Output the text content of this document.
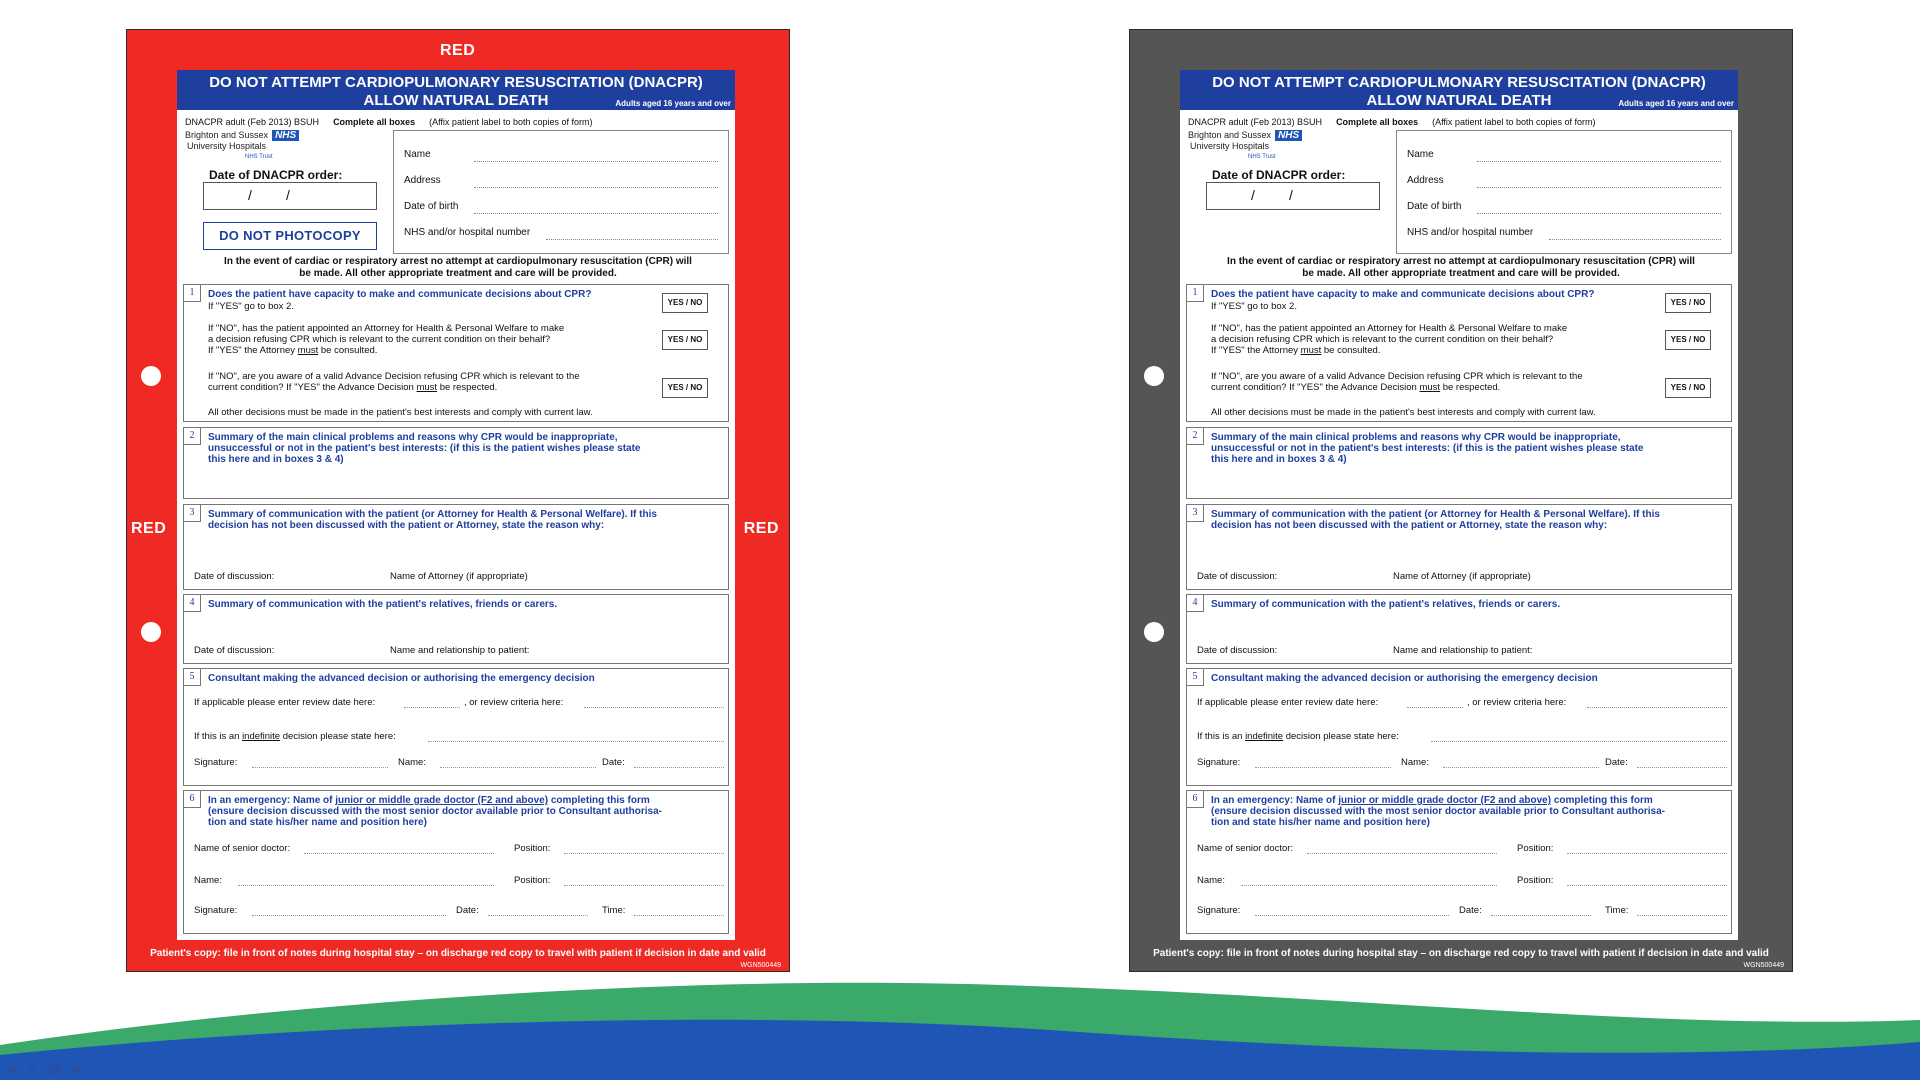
RED
RED	RED
DO NOT ATTEMPT CARDIOPULMONARY RESUSCITATION (DNACPR)
ALLOW NATURAL DEATH	Adults aged 16 years and over
DNACPR adult (Feb 2013) BSUH Complete all boxes (Affix patient label to both copies of form)
Brighton and Sussex NHS
University Hospitals
NHS Trust
Date of DNACPR order:
/ /
DO NOT PHOTOCOPY
Name
Address
Date of birth
NHS and/or hospital number
In the event of cardiac or respiratory arrest no attempt at cardiopulmonary resuscitation (CPR) will
be made. All other appropriate treatment and care will be provided.
1	Does the patient have capacity to make and communicate decisions about CPR?
If "YES" go to box 2.	YES / NO
If "NO", has the patient appointed an Attorney for Health & Personal Welfare to make
a decision refusing CPR which is relevant to the current condition on their behalf?
If "YES" the Attorney must be consulted.
YES / NO
If "NO", are you aware of a valid Advance Decision refusing CPR which is relevant to the
current condition? If "YES" the Advance Decision must be respected.	YES / NO
All other decisions must be made in the patient's best interests and comply with current law.
2	Summary of the main clinical problems and reasons why CPR would be inappropriate,
unsuccessful or not in the patient's best interests: (if this is the patient wishes please state
this here and in boxes 3 & 4)
3	Summary of communication with the patient (or Attorney for Health & Personal Welfare). If this
decision has not been discussed with the patient or Attorney, state the reason why:
Date of discussion:	Name of Attorney (if appropriate)
4	Summary of communication with the patient's relatives, friends or carers.
Date of discussion:	Name and relationship to patient:
5	Consultant making the advanced decision or authorising the emergency decision
If applicable please enter review date here:	, or review criteria here:
If this is an indefinite decision please state here:
Signature:	Name:	Date:
6	In an emergency: Name of junior or middle grade doctor (F2 and above) completing this form
(ensure decision discussed with the most senior doctor available prior to Consultant authorisa-
tion and state his/her name and position here)
Name of senior doctor:	Position:
Name:	Position:
Signature:	Date:	Time:
Patient's copy: file in front of notes during hospital stay – on discharge red copy to travel with patient if decision in date and valid
WGN500449
DO NOT ATTEMPT CARDIOPULMONARY RESUSCITATION (DNACPR)
ALLOW NATURAL DEATH	Adults aged 16 years and over
DNACPR adult (Feb 2013) BSUH Complete all boxes (Affix patient label to both copies of form)
Brighton and Sussex NHS
University Hospitals
NHS Trust
Date of DNACPR order:
/ /
Name
Address
Date of birth
NHS and/or hospital number
In the event of cardiac or respiratory arrest no attempt at cardiopulmonary resuscitation (CPR) will
be made. All other appropriate treatment and care will be provided.
1	Does the patient have capacity to make and communicate decisions about CPR?
If "YES" go to box 2.	YES / NO
If "NO", has the patient appointed an Attorney for Health & Personal Welfare to make
a decision refusing CPR which is relevant to the current condition on their behalf?
If "YES" the Attorney must be consulted.
YES / NO
If "NO", are you aware of a valid Advance Decision refusing CPR which is relevant to the
current condition? If "YES" the Advance Decision must be respected.	YES / NO
All other decisions must be made in the patient's best interests and comply with current law.
2	Summary of the main clinical problems and reasons why CPR would be inappropriate,
unsuccessful or not in the patient's best interests: (if this is the patient wishes please state
this here and in boxes 3 & 4)
3	Summary of communication with the patient (or Attorney for Health & Personal Welfare). If this
decision has not been discussed with the patient or Attorney, state the reason why:
Date of discussion:	Name of Attorney (if appropriate)
4	Summary of communication with the patient's relatives, friends or carers.
Date of discussion:	Name and relationship to patient:
5	Consultant making the advanced decision or authorising the emergency decision
If applicable please enter review date here:	, or review criteria here:
If this is an indefinite decision please state here:
Signature:	Name:	Date:
6	In an emergency: Name of junior or middle grade doctor (F2 and above) completing this form
(ensure decision discussed with the most senior doctor available prior to Consultant authorisa-
tion and state his/her name and position here)
Name of senior doctor:	Position:
Name:	Position:
Signature:	Date:	Time:
Patient's copy: file in front of notes during hospital stay – on discharge red copy to travel with patient if decision in date and valid
WGN500449
◀ ✎ ▣ ▶
